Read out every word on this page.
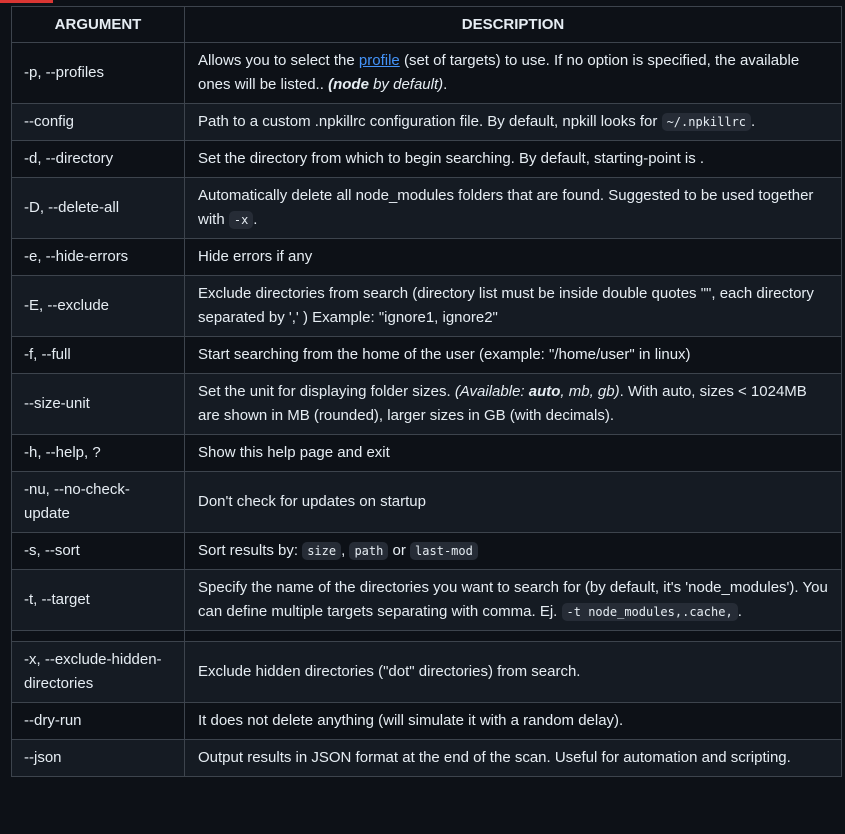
ARGUMENT	DESCRIPTION
-p, --profiles	Allows you to select the profile (set of targets) to use. If no option is specified, the available ones will be listed.. (node by default).
--config	Path to a custom .npkillrc configuration file. By default, npkill looks for ~/.npkillrc .
-d, --directory	Set the directory from which to begin searching. By default, starting-point is .
-D, --delete-all	Automatically delete all node_modules folders that are found. Suggested to be used together with -x .
-e, --hide-errors	Hide errors if any
-E, --exclude	Exclude directories from search (directory list must be inside double quotes "", each directory separated by ',' ) Example: "ignore1, ignore2"
-f, --full	Start searching from the home of the user (example: "/home/user" in linux)
--size-unit	Set the unit for displaying folder sizes. (Available: auto, mb, gb). With auto, sizes < 1024MB are shown in MB (rounded), larger sizes in GB (with decimals).
-h, --help, ?	Show this help page and exit
-nu, --no-check-update	Don't check for updates on startup
-s, --sort	Sort results by: size , path or last-mod
-t, --target	Specify the name of the directories you want to search for (by default, it's 'node_modules'). You can define multiple targets separating with comma. Ej. -t node_modules,.cache, .

-x, --exclude-hidden-directories	Exclude hidden directories ("dot" directories) from search.
--dry-run	It does not delete anything (will simulate it with a random delay).
--json	Output results in JSON format at the end of the scan. Useful for automation and scripting.
